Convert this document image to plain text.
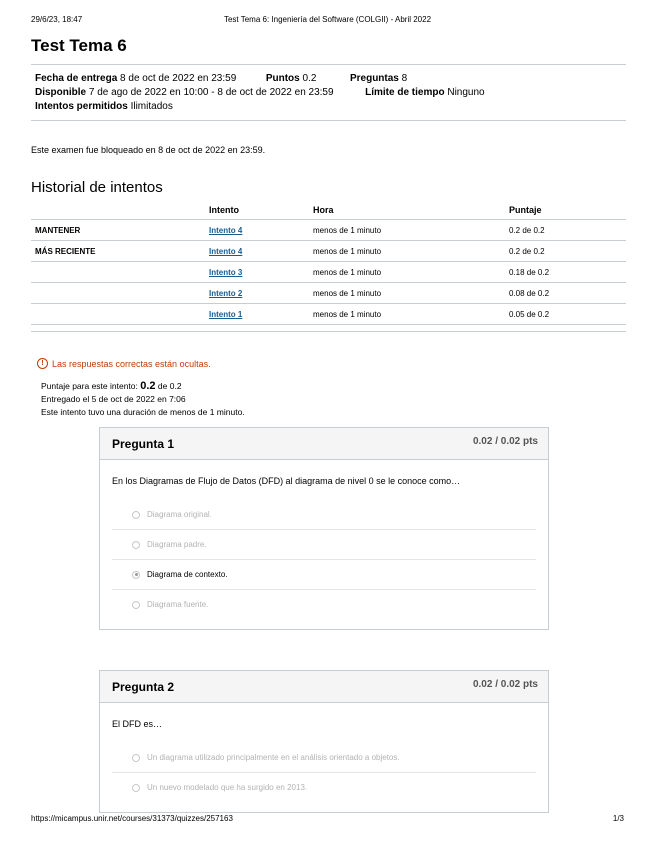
29/6/23, 18:47	Test Tema 6: Ingeniería del Software (COLGII) - Abril 2022
Test Tema 6
Fecha de entrega 8 de oct de 2022 en 23:59	Puntos 0.2	Preguntas 8
Disponible 7 de ago de 2022 en 10:00 - 8 de oct de 2022 en 23:59	Límite de tiempo Ninguno
Intentos permitidos Ilimitados
Este examen fue bloqueado en 8 de oct de 2022 en 23:59.
Historial de intentos
	Intento	Hora	Puntaje
MANTENER	Intento 4	menos de 1 minuto	0.2 de 0.2
MÁS RECIENTE	Intento 4	menos de 1 minuto	0.2 de 0.2
	Intento 3	menos de 1 minuto	0.18 de 0.2
	Intento 2	menos de 1 minuto	0.08 de 0.2
	Intento 1	menos de 1 minuto	0.05 de 0.2
! Las respuestas correctas están ocultas.
Puntaje para este intento: 0.2 de 0.2
Entregado el 5 de oct de 2022 en 7:06
Este intento tuvo una duración de menos de 1 minuto.
Pregunta 1	0.02 / 0.02 pts
En los Diagramas de Flujo de Datos (DFD) al diagrama de nivel 0 se le conoce como…
Diagrama original.
Diagrama padre.
Diagrama de contexto.
Diagrama fuente.
Pregunta 2	0.02 / 0.02 pts
El DFD es…
Un diagrama utilizado principalmente en el análisis orientado a objetos.
Un nuevo modelado que ha surgido en 2013.
https://micampus.unir.net/courses/31373/quizzes/257163	1/3
